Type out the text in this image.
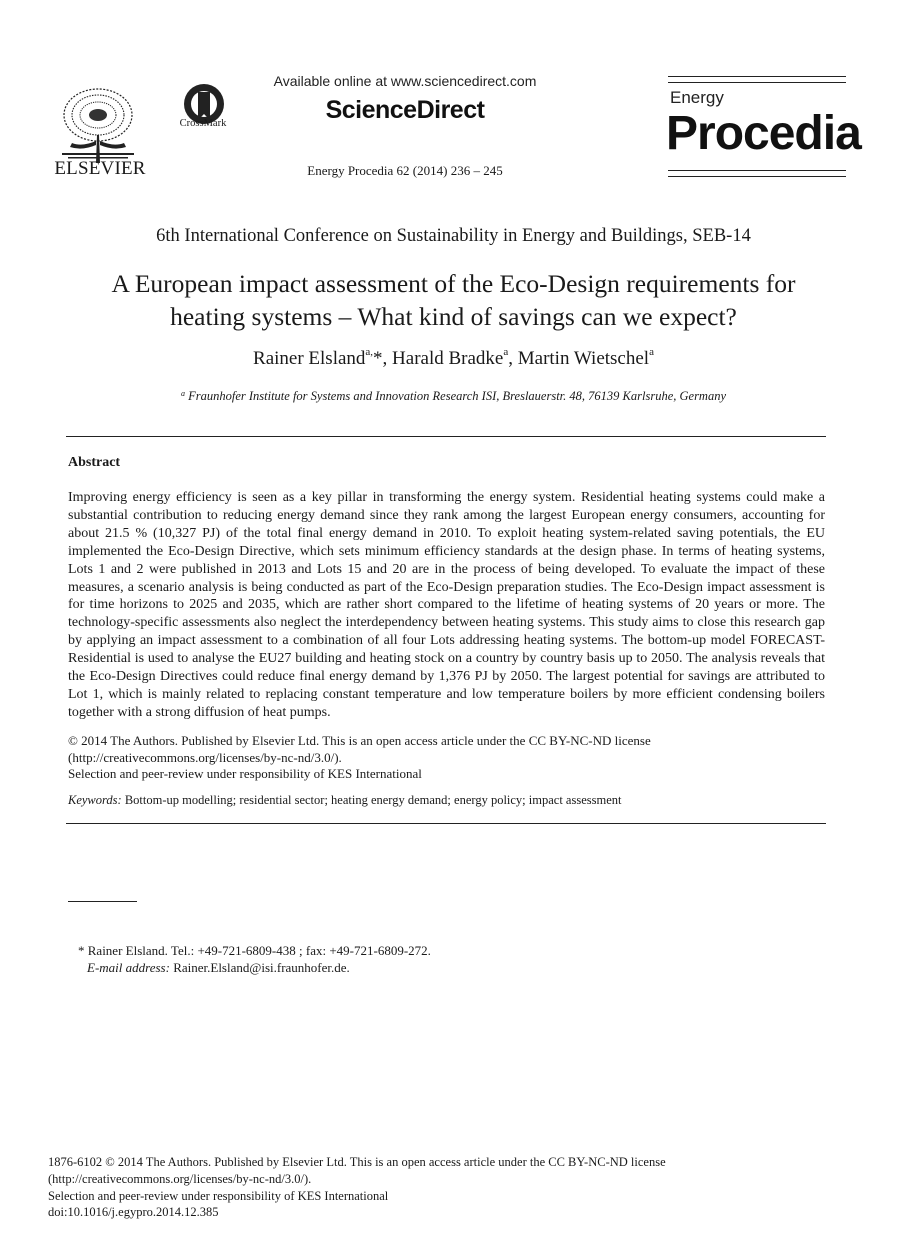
ELSEVIER
CrossMark
Available online at www.sciencedirect.com
ScienceDirect
Energy Procedia 62 (2014) 236 – 245
Energy
Procedia
6th International Conference on Sustainability in Energy and Buildings, SEB-14
A European impact assessment of the Eco-Design requirements for
heating systems – What kind of savings can we expect?
Rainer Elsland$^{a,}$*, Harald Bradke$^a$, Martin Wietschel$^a$
$^a$ Fraunhofer Institute for Systems and Innovation Research ISI, Breslauerstr. 48, 76139 Karlsruhe, Germany
Abstract
Improving energy efficiency is seen as a key pillar in transforming the energy system. Residential heating systems could make a substantial contribution to reducing energy demand since they rank among the largest European energy consumers, accounting for about 21.5 % (10,327 PJ) of the total final energy demand in 2010. To exploit heating system-related saving potentials, the EU implemented the Eco-Design Directive, which sets minimum efficiency standards at the design phase. In terms of heating systems, Lots 1 and 2 were published in 2013 and Lots 15 and 20 are in the process of being developed. To evaluate the impact of these measures, a scenario analysis is being conducted as part of the Eco-Design preparation studies. The Eco-Design impact assessment is for time horizons to 2025 and 2035, which are rather short compared to the lifetime of heating systems of 20 years or more. The technology-specific assessments also neglect the interdependency between heating systems. This study aims to close this research gap by applying an impact assessment to a combination of all four Lots addressing heating systems. The bottom-up model FORECAST-Residential is used to analyse the EU27 building and heating stock on a country by country basis up to 2050. The analysis reveals that the Eco-Design Directives could reduce final energy demand by 1,376 PJ by 2050. The largest potential for savings are attributed to Lot 1, which is mainly related to replacing constant temperature and low temperature boilers by more efficient condensing boilers together with a strong diffusion of heat pumps.
© 2014 The Authors. Published by Elsevier Ltd. This is an open access article under the CC BY-NC-ND license
(http://creativecommons.org/licenses/by-nc-nd/3.0/).
Selection and peer-review under responsibility of KES International
Keywords: Bottom-up modelling; residential sector; heating energy demand; energy policy; impact assessment
* Rainer Elsland. Tel.: +49-721-6809-438 ; fax: +49-721-6809-272.
E-mail address: Rainer.Elsland@isi.fraunhofer.de.
1876-6102 © 2014 The Authors. Published by Elsevier Ltd. This is an open access article under the CC BY-NC-ND license
(http://creativecommons.org/licenses/by-nc-nd/3.0/).
Selection and peer-review under responsibility of KES International
doi:10.1016/j.egypro.2014.12.385
